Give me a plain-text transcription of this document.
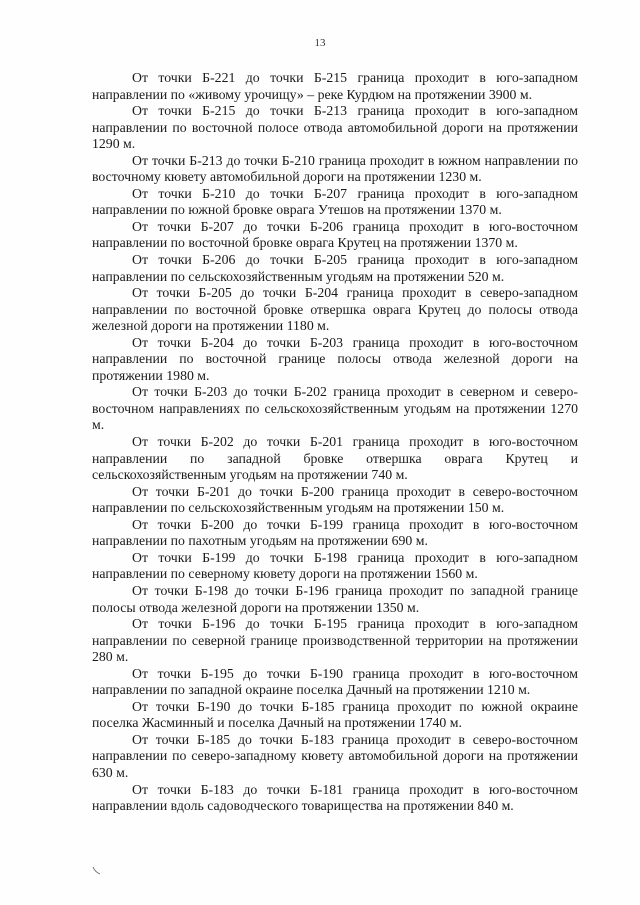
13

От точки Б-221 до точки Б-215 граница проходит в юго-западном направлении по «живому урочищу» – реке Курдюм на протяжении 3900 м.

От точки Б-215 до точки Б-213 граница проходит в юго-западном направлении по восточной полосе отвода автомобильной дороги на протяжении 1290 м.

От точки Б-213 до точки Б-210 граница проходит в южном направлении по восточному кювету автомобильной дороги на протяжении 1230 м.

От точки Б-210 до точки Б-207 граница проходит в юго-западном направлении по южной бровке оврага Утешов на протяжении 1370 м.

От точки Б-207 до точки Б-206 граница проходит в юго-восточном направлении по восточной бровке оврага Крутец на протяжении 1370 м.

От точки Б-206 до точки Б-205 граница проходит в юго-западном направлении по сельскохозяйственным угодьям на протяжении 520 м.

От точки Б-205 до точки Б-204 граница проходит в северо-западном направлении по восточной бровке отвершка оврага Крутец до полосы отвода железной дороги на протяжении 1180 м.

От точки Б-204 до точки Б-203 граница проходит в юго-восточном направлении по восточной границе полосы отвода железной дороги на протяжении 1980 м.

От точки Б-203 до точки Б-202 граница проходит в северном и северо-восточном направлениях по сельскохозяйственным угодьям на протяжении 1270 м.

От точки Б-202 до точки Б-201 граница проходит в юго-восточном направлении по западной бровке отвершка оврага Крутец и сельскохозяйственным угодьям на протяжении 740 м.

От точки Б-201 до точки Б-200 граница проходит в северо-восточном направлении по сельскохозяйственным угодьям на протяжении 150 м.

От точки Б-200 до точки Б-199 граница проходит в юго-восточном направлении по пахотным угодьям на протяжении 690 м.

От точки Б-199 до точки Б-198 граница проходит в юго-западном направлении по северному кювету дороги на протяжении 1560 м.

От точки Б-198 до точки Б-196 граница проходит по западной границе полосы отвода железной дороги на протяжении 1350 м.

От точки Б-196 до точки Б-195 граница проходит в юго-западном направлении по северной границе производственной территории на протяжении 280 м.

От точки Б-195 до точки Б-190 граница проходит в юго-восточном направлении по западной окраине поселка Дачный на протяжении 1210 м.

От точки Б-190 до точки Б-185 граница проходит по южной окраине поселка Жасминный и поселка Дачный на протяжении 1740 м.

От точки Б-185 до точки Б-183 граница проходит в северо-восточном направлении по северо-западному кювету автомобильной дороги на протяжении 630 м.

От точки Б-183 до точки Б-181 граница проходит в юго-восточном направлении вдоль садоводческого товарищества на протяжении 840 м.
